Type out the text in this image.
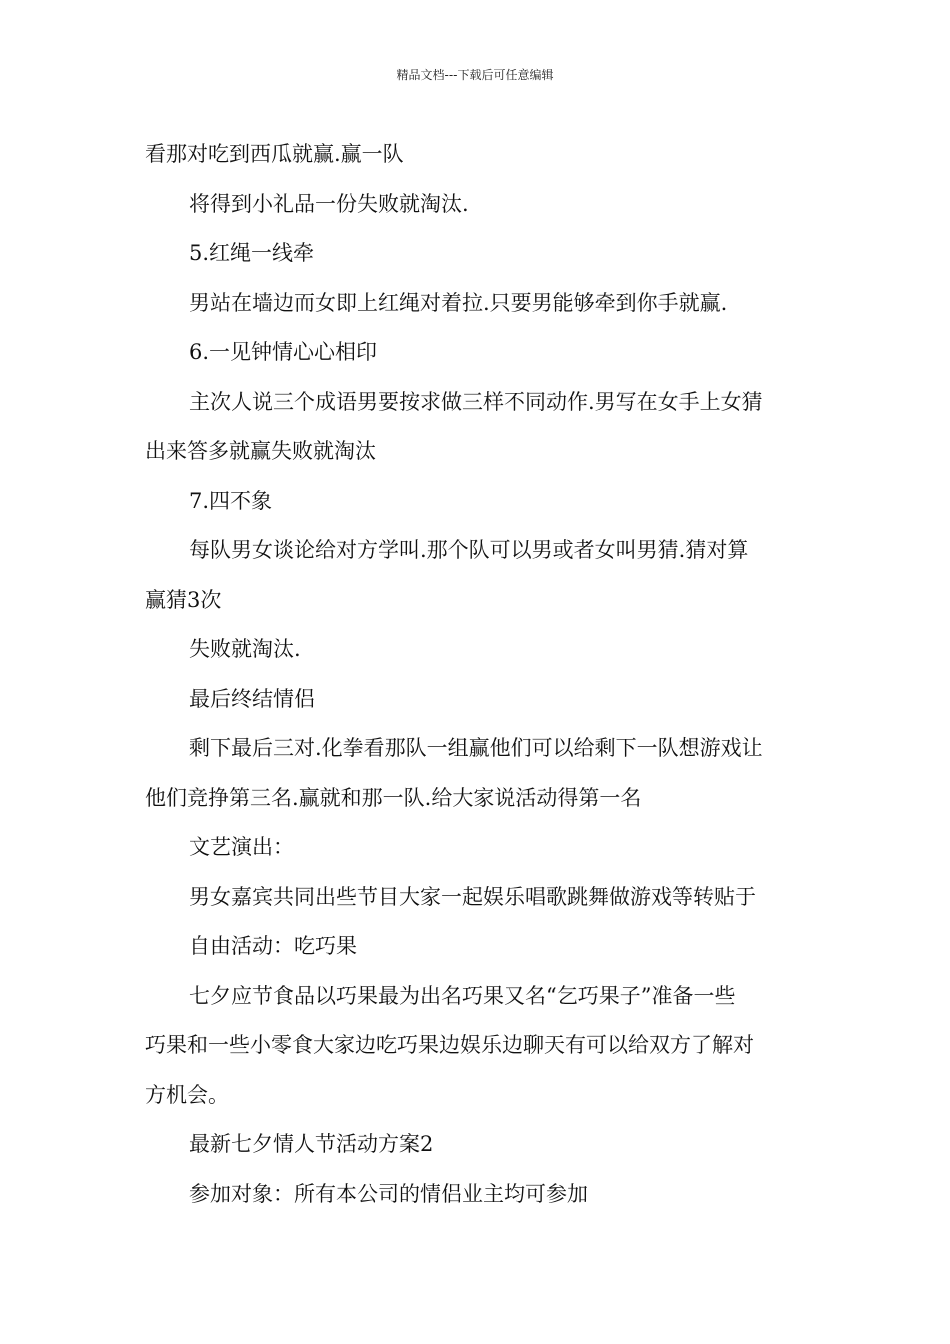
精品文档---下载后可任意编辑
看那对吃到西瓜就赢.赢一队
将得到小礼品一份失败就淘汰.
5.红绳一线牵
男站在墙边而女即上红绳对着拉.只要男能够牵到你手就赢.
6.一见钟情心心相印
主次人说三个成语男要按求做三样不同动作.男写在女手上女猜
出来答多就赢失败就淘汰
7.四不象
每队男女谈论给对方学叫.那个队可以男或者女叫男猜.猜对算
赢猜3次
失败就淘汰.
最后终结情侣
剩下最后三对.化拳看那队一组赢他们可以给剩下一队想游戏让
他们竞挣第三名.赢就和那一队.给大家说活动得第一名
文艺演出：
男女嘉宾共同出些节目大家一起娱乐唱歌跳舞做游戏等转贴于
自由活动：吃巧果
七夕应节食品以巧果最为出名巧果又名“乞巧果子”准备一些
巧果和一些小零食大家边吃巧果边娱乐边聊天有可以给双方了解对
方机会。
最新七夕情人节活动方案2
参加对象：所有本公司的情侣业主均可参加
